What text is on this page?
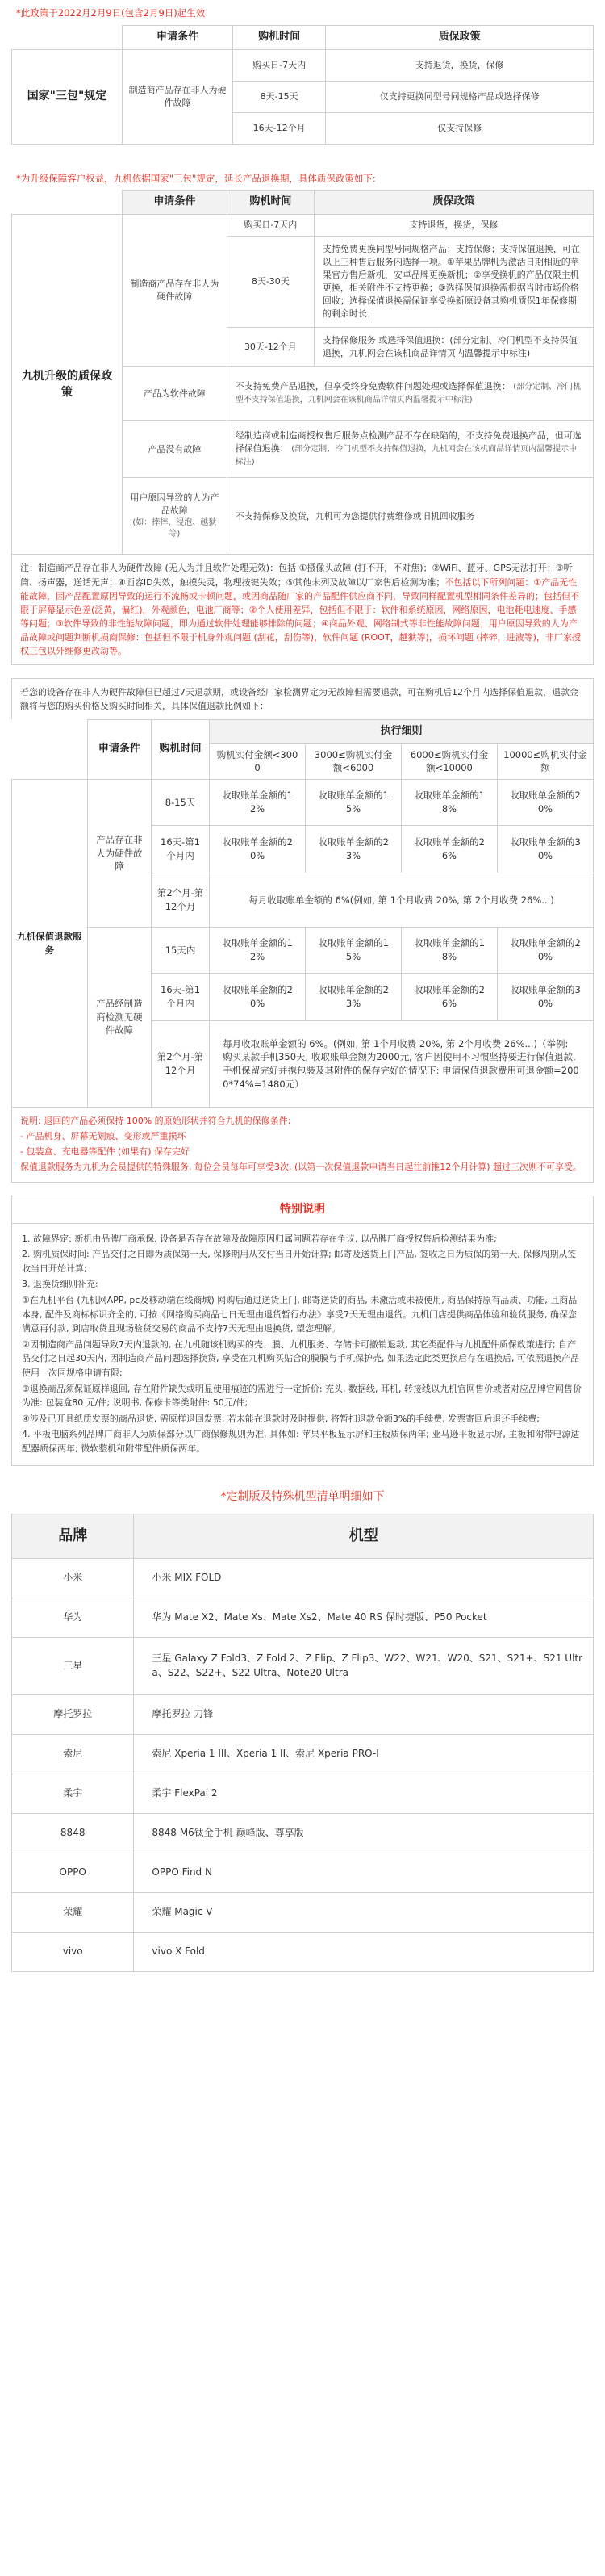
*此政策于2022月2月9日(包含2月9日)起生效
	申请条件	购机时间	质保政策
国家"三包"规定	制造商产品存在非人为硬件故障	购买日-7天内	支持退货，换货，保修
		8天-15天	仅支持更换同型号同规格产品或选择保修
		16天-12个月	仅支持保修
*为升级保障客户权益，九机依据国家"三包"规定，延长产品退换期，具体质保政策如下:
	申请条件	购机时间	质保政策
九机升级的质保政策	制造商产品存在非人为硬件故障	购买日-7天内	支持退货，换货，保修
		8天-30天	支持免费更换同型号同规格产品；支持保修；支持保值退换，可在以上三种售后服务内选择一项。①苹果品牌机为激活日期相近的苹果官方售后新机，安卓品牌更换新机；②享受换机的产品仅限主机更换，相关附件不支持更换；③选择保值退换需根据当时市场价格回收；选择保值退换需保证享受换新原设备其购机质保1年保修期的剩余时长；
		30天-12个月	支持保修服务 或选择保值退换：(部分定制、冷门机型不支持保值退换，九机网会在该机商品详情页内温馨提示中标注)
	产品为软件故障	不支持免费产品退换，但享受终身免费软件问题处理或选择保值退换： (部分定制、冷门机型不支持保值退换，九机网会在该机商品详情页内温馨提示中标注)	
	产品没有故障	经制造商或制造商授权售后服务点检测产品不存在缺陷的，不支持免费退换产品，但可选择保值退换： (部分定制、冷门机型不支持保值退换，九机网会在该机商品详情页内温馨提示中标注)	

	用户原因导致的人为产品故障
(如：摔摔、浸泡、越狱等)	不支持保修及换货，九机可为您提供付费维修或旧机回收服务	
注：制造商产品存在非人为硬件故障 (无人为并且软件处理无效)：包括 ①摄像头故障 (打不开，不对焦)；②WiFi、蓝牙、GPS无法打开；③听筒、扬声器，送话无声；④面容ID失效，触摸失灵，物理按键失效；⑤其他未列及故障以厂家售后检测为准；不包括以下所列问题：①产品无性能故障，因产品配置原因导致的运行不流畅或卡顿问题，或因商品随厂家的产品配件供应商不同，导致同样配置机型相同条件差异的；包括但不限于屏幕显示色差(泛黄，偏红)，外观颜色，电池厂商等；②个人使用差异，包括但不限于：软件和系统原因，网络原因，电池耗电速度、手感等问题；③软件导致的非性能故障问题，即为通过软件处理能够排除的问题；④商品外观、网络制式等非性能故障问题；用户原因导致的人为产品故障或问题判断机损商保修：包括但不限于机身外观问题 (刮花，刮伤等)，软件问题 (ROOT，越狱等)，损坏问题 (摔碎，进液等)，非厂家授权三包以外维修更改动等。
若您的设备存在非人为硬件故障但已超过7天退款期，或设备经厂家检测界定为无故障但需要退款，可在购机后12个月内选择保值退款，退款金额将与您的购买价格及购买时间相关，具体保值退款比例如下：
	申请条件	购机时间	执行细则			
			购机实付金额<3000	3000≤购机实付金额<6000	6000≤购机实付金额<10000	10000≤购机实付金额
九机保值退款服务	产品存在非人为硬件故障	8-15天	收取账单金额的12%	收取账单金额的15%	收取账单金额的18%	收取账单金额的20%
		16天-第1个月内	收取账单金额的20%	收取账单金额的23%	收取账单金额的26%	收取账单金额的30%
		第2个月-第12个月	每月收取账单金额的 6%(例如, 第 1个月收费 20%, 第 2个月收费 26%...)			
	产品经制造商检测无硬件故障	15天内	收取账单金额的12%	收取账单金额的15%	收取账单金额的18%	收取账单金额的20%
		16天-第1个月内	收取账单金额的20%	收取账单金额的23%	收取账单金额的26%	收取账单金额的30%
		第2个月-第12个月	每月收取账单金额的 6%。(例如, 第 1个月收费 20%, 第 2个月收费 26%...)（举例: 购买某款手机350天, 收取账单金额为2000元, 客户因使用不习惯坚持要进行保值退款, 手机保留完好并携包装及其附件的保存完好的情况下: 申请保值退款费用可退金额=2000*74%=1480元）			
说明: 退回的产品必须保持 100% 的原始形状并符合九机的保修条件:
- 产品机身、屏幕无划痕、变形或严重损坏
- 包装盒、充电器等配件 (如果有) 保存完好
保值退款服务为九机为会员提供的特殊服务, 每位会员每年可享受3次, (以第一次保值退款申请当日起往前推12个月计算) 超过三次则不可享受。
特别说明
1. 故障界定: 新机由品牌厂商承保, 设备是否存在故障及故障原因归属问题若存在争议, 以品牌厂商授权售后检测结果为准;
2. 购机质保时间: 产品交付之日即为质保第一天, 保修期用从交付当日开始计算; 邮寄及送货上门产品, 签收之日为质保的第一天, 保修周期从签收当日开始计算;
3. 退换货细则补充:
①在九机平台 (九机网APP, pc及移动端在线商城) 网购后通过送货上门, 邮寄送货的商品, 未激活或未被使用, 商品保持原有品质、功能, 且商品本身, 配件及商标标识齐全的, 可按《网络购买商品七日无理由退货暂行办法》享受7天无理由退货。九机门店提供商品体验和验货服务, 确保您满意再付款, 到店取货且现场验货交易的商品不支持7天无理由退换货, 望您理解。
②因制造商产品问题导致7天内退款的, 在九机随该机购买的壳、膜、九机服务、存储卡可撤销退款, 其它类配件与九机配件质保政策进行; 自产品交付之日起30天内, 因制造商产品问题选择换货, 享受在九机购买贴合的膜膜与手机保护壳, 如果选定此类更换后存在退换后, 可依照退换产品使用一次同规格申请有限;
③退换商品须保证原样退回, 存在附件缺失或明显使用痕迹的需进行一定折价: 充头, 数据线, 耳机, 转接线以九机官网售价或者对应品牌官网售价为准: 包装盒80 元/件; 说明书, 保修卡等类附件: 50元/件;
④涉及已开具纸质发票的商品退货, 需原样退回发票, 若未能在退款时及时提供, 将暂扣退款金额3%的手续费, 发票寄回后退还手续费;
4. 平板电脑系列品牌厂商非人为质保部分以厂商保修规则为准, 具体如: 苹果平板显示屏和主板质保两年; 亚马逊平板显示屏, 主板和附带电源适配器质保两年; 微软整机和附带配件质保两年。
*定制版及特殊机型清单明细如下
品牌	机型
小米	小米 MIX FOLD
华为	华为 Mate X2、Mate Xs、Mate Xs2、Mate 40 RS 保时捷版、P50 Pocket
三星	三星 Galaxy Z Fold3、Z Fold 2、Z Flip、Z Flip3、W22、W21、W20、S21、S21+、S21 Ultra、S22、S22+、S22 Ultra、Note20 Ultra
摩托罗拉	摩托罗拉 刀锋
索尼	索尼 Xperia 1 III、Xperia 1 II、索尼 Xperia PRO-I
柔宇	柔宇 FlexPai 2
8848	8848 M6钛金手机 巅峰版、尊享版
OPPO	OPPO Find N
荣耀	荣耀 Magic V
vivo	vivo X Fold
